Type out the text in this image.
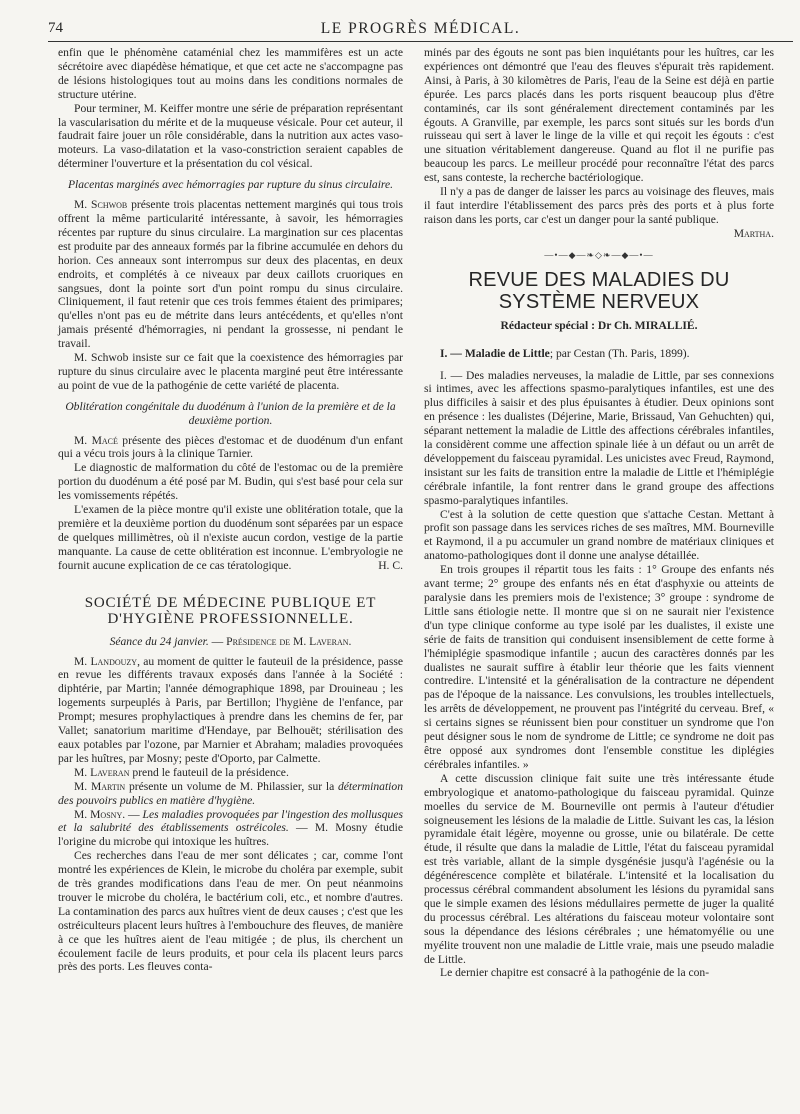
74	LE PROGRÈS MÉDICAL.

enfin que le phénomène cataménial chez les mammifères est un acte sécrétoire avec diapédèse hématique, et que cet acte ne s'accompagne pas de lésions histologiques tout au moins dans les conditions normales de structure utérine.

Pour terminer, M. Keiffer montre une série de préparation représentant la vascularisation du mérite et de la muqueuse vésicale. Pour cet auteur, il faudrait faire jouer un rôle considérable, dans la nutrition aux actes vaso-moteurs. La vaso-dilatation et la vaso-constriction seraient capables de déterminer l'ouverture et la présentation du col vésical.

Placentas marginés avec hémorragies par rupture du sinus circulaire.

M. Schwob présente trois placentas nettement marginés qui tous trois offrent la même particularité intéressante, à savoir, les hémorragies récentes par rupture du sinus circulaire. La margination sur ces placentas est produite par des anneaux formés par la fibrine accumulée en dehors du horion. Ces anneaux sont interrompus sur deux des placentas, en deux endroits, et complétés à ce niveaux par deux caillots cruoriques en sangsues, dont la pointe sort d'un point rompu du sinus circulaire. Cliniquement, il faut retenir que ces trois femmes étaient des primipares; qu'elles n'ont pas eu de métrite dans leurs antécédents, et qu'elles n'ont jamais présenté d'hémorragies, ni pendant la grossesse, ni pendant le travail.

M. Schwob insiste sur ce fait que la coexistence des hémorragies par rupture du sinus circulaire avec le placenta marginé peut être intéressante au point de vue de la pathogénie de cette variété de placenta.

Oblitération congénitale du duodénum à l'union de la première et de la deuxième portion.

M. Macé présente des pièces d'estomac et de duodénum d'un enfant qui a vécu trois jours à la clinique Tarnier.

Le diagnostic de malformation du côté de l'estomac ou de la première portion du duodénum a été posé par M. Budin, qui s'est basé pour cela sur les vomissements répétés.

L'examen de la pièce montre qu'il existe une oblitération totale, que la première et la deuxième portion du duodénum sont séparées par un espace de quelques millimètres, où il n'existe aucun cordon, vestige de la partie manquante. La cause de cette oblitération est inconnue. L'embryologie ne fournit aucune explication de ce cas tératologique.	H. C.

SOCIÉTÉ DE MÉDECINE PUBLIQUE ET D'HYGIÈNE PROFESSIONNELLE.
Séance du 24 janvier. — Présidence de M. Laveran.

M. Landouzy, au moment de quitter le fauteuil de la présidence, passe en revue les différents travaux exposés dans l'année à la Société : diphtérie, par Martin; l'année démographique 1898, par Drouineau ; les logements surpeuplés à Paris, par Bertillon; l'hygiène de l'enfance, par Prompt; mesures prophylactiques à prendre dans les chemins de fer, par Vallet; sanatorium maritime d'Hendaye, par Belhouët; stérilisation des eaux potables par l'ozone, par Marnier et Abraham; maladies provoquées par les huîtres, par Mosny; peste d'Oporto, par Calmette.

M. Laveran prend le fauteuil de la présidence.

M. Martin présente un volume de M. Philassier, sur la détermination des pouvoirs publics en matière d'hygiène.

M. Mosny. — Les maladies provoquées par l'ingestion des mollusques et la salubrité des établissements ostréicoles. — M. Mosny étudie l'origine du microbe qui intoxique les huîtres.

Ces recherches dans l'eau de mer sont délicates ; car, comme l'ont montré les expériences de Klein, le microbe du choléra par exemple, subit de très grandes modifications dans l'eau de mer. On peut néanmoins trouver le microbe du choléra, le bactérium coli, etc., et nombre d'autres. La contamination des parcs aux huîtres vient de deux causes ; c'est que les ostréiculteurs placent leurs huîtres à l'embouchure des fleuves, de manière à ce que les huîtres aient de l'eau mitigée ; de plus, ils cherchent un écoulement facile de leurs produits, et pour cela ils placent leurs parcs près des ports. Les fleuves conta-

minés par des égouts ne sont pas bien inquiétants pour les huîtres, car les expériences ont démontré que l'eau des fleuves s'épurait très rapidement. Ainsi, à Paris, à 30 kilomètres de Paris, l'eau de la Seine est déjà en partie épurée. Les parcs placés dans les ports risquent beaucoup plus d'être contaminés, car ils sont généralement directement contaminés par les égouts. A Granville, par exemple, les parcs sont situés sur les bords d'un ruisseau qui sert à laver le linge de la ville et qui reçoit les égouts : c'est une situation véritablement dangereuse. Quand au flot il ne purifie pas beaucoup les parcs. Le meilleur procédé pour reconnaître l'état des parcs est, sans conteste, la recherche bactériologique.

Il n'y a pas de danger de laisser les parcs au voisinage des fleuves, mais il faut interdire l'établissement des parcs près des ports et à plus forte raison dans les ports, car c'est un danger pour la santé publique.
Martha.

—•—◆—❧◇❧—◆—•—
REVUE DES MALADIES DU SYSTÈME NERVEUX
Rédacteur spécial : Dr Ch. MIRALLIÉ.

I. — Maladie de Little; par Cestan (Th. Paris, 1899).

I. — Des maladies nerveuses, la maladie de Little, par ses connexions si intimes, avec les affections spasmo-paralytiques infantiles, est une des plus difficiles à saisir et des plus épuisantes à étudier. Deux opinions sont en présence : les dualistes (Déjerine, Marie, Brissaud, Van Gehuchten) qui, séparant nettement la maladie de Little des affections cérébrales infantiles, la considèrent comme une affection spinale liée à un défaut ou un arrêt de développement du faisceau pyramidal. Les unicistes avec Freud, Raymond, insistant sur les faits de transition entre la maladie de Little et l'hémiplégie cérébrale infantile, la font rentrer dans le grand groupe des affections spasmo-paralytiques infantiles.

C'est à la solution de cette question que s'attache Cestan. Mettant à profit son passage dans les services riches de ses maîtres, MM. Bourneville et Raymond, il a pu accumuler un grand nombre de matériaux cliniques et anatomo-pathologiques dont il donne une analyse détaillée.

En trois groupes il répartit tous les faits : 1° Groupe des enfants nés avant terme; 2° groupe des enfants nés en état d'asphyxie ou atteints de paralysie dans les premiers mois de l'existence; 3° groupe : syndrome de Little sans étiologie nette. Il montre que si on ne saurait nier l'existence d'un type clinique conforme au type isolé par les dualistes, il existe une série de faits de transition qui conduisent insensiblement de cette forme à l'hémiplégie spasmodique infantile ; aucun des caractères donnés par les dualistes ne saurait suffire à établir leur théorie que les faits viennent contredire. L'intensité et la généralisation de la contracture ne dépendent pas de l'époque de la naissance. Les convulsions, les troubles intellectuels, les arrêts de développement, ne prouvent pas l'intégrité du cerveau. Bref, « si certains signes se réunissent bien pour constituer un syndrome que l'on peut désigner sous le nom de syndrome de Little; ce syndrome ne doit pas être opposé aux syndromes dont l'ensemble constitue les diplégies cérébrales infantiles. »

A cette discussion clinique fait suite une très intéressante étude embryologique et anatomo-pathologique du faisceau pyramidal. Quinze moelles du service de M. Bourneville ont permis à l'auteur d'étudier soigneusement les lésions de la maladie de Little. Suivant les cas, la lésion pyramidale était légère, moyenne ou grosse, unie ou bilatérale. De cette étude, il résulte que dans la maladie de Little, l'état du faisceau pyramidal est très variable, allant de la simple dysgénésie jusqu'à l'agénésie ou la dégénérescence complète et bilatérale. L'intensité et la localisation du processus cérébral commandent absolument les lésions du pyramidal sans que le simple examen des lésions médullaires permette de juger la qualité du processus cérébral. Les altérations du faisceau moteur volontaire sont sous la dépendance des lésions cérébrales ; une hématomyélie ou une myélite trouvent non une maladie de Little vraie, mais une pseudo maladie de Little.

Le dernier chapitre est consacré à la pathogénie de la con-
